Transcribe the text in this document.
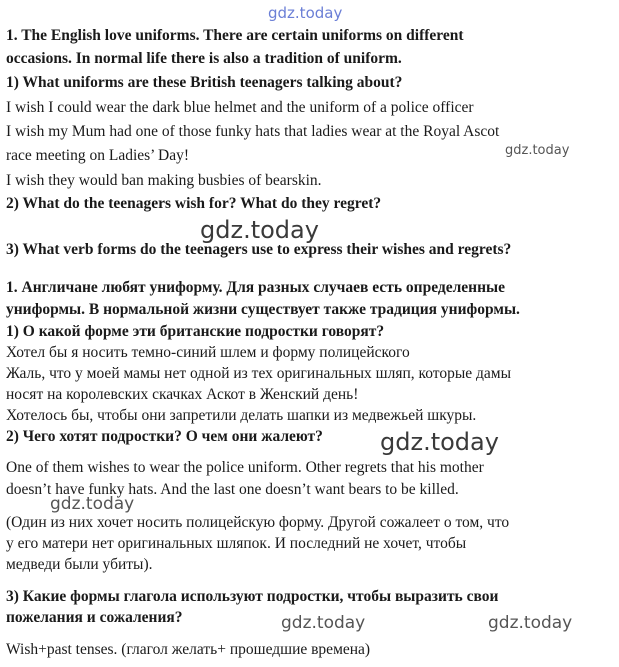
gdz.today
gdz.today
gdz.today
gdz.today
gdz.today
gdz.today	gdz.today
1. The English love uniforms. There are certain uniforms on different
occasions. In normal life there is also a tradition of uniform.
1) What uniforms are these British teenagers talking about?
I wish I could wear the dark blue helmet and the uniform of a police officer
I wish my Mum had one of those funky hats that ladies wear at the Royal Ascot
race meeting on Ladies’ Day!
I wish they would ban making busbies of bearskin.
2) What do the teenagers wish for? What do they regret?
3) What verb forms do the teenagers use to express their wishes and regrets?
1. Англичане любят униформу. Для разных случаев есть определенные
униформы. В нормальной жизни существует также традиция униформы.
1) О какой форме эти британские подростки говорят?
Хотел бы я носить темно-синий шлем и форму полицейского
Жаль, что у моей мамы нет одной из тех оригинальных шляп, которые дамы
носят на королевских скачках Аскот в Женский день!
Хотелось бы, чтобы они запретили делать шапки из медвежьей шкуры.
2) Чего хотят подростки? О чем они жалеют?
One of them wishes to wear the police uniform. Other regrets that his mother
doesn’t have funky hats. And the last one doesn’t want bears to be killed.
(Один из них хочет носить полицейскую форму. Другой сожалеет о том, что
у его матери нет оригинальных шляпок. И последний не хочет, чтобы
медведи были убиты).
3) Какие формы глагола используют подростки, чтобы выразить свои
пожелания и сожаления?
Wish+past tenses. (глагол желать+ прошедшие времена)
